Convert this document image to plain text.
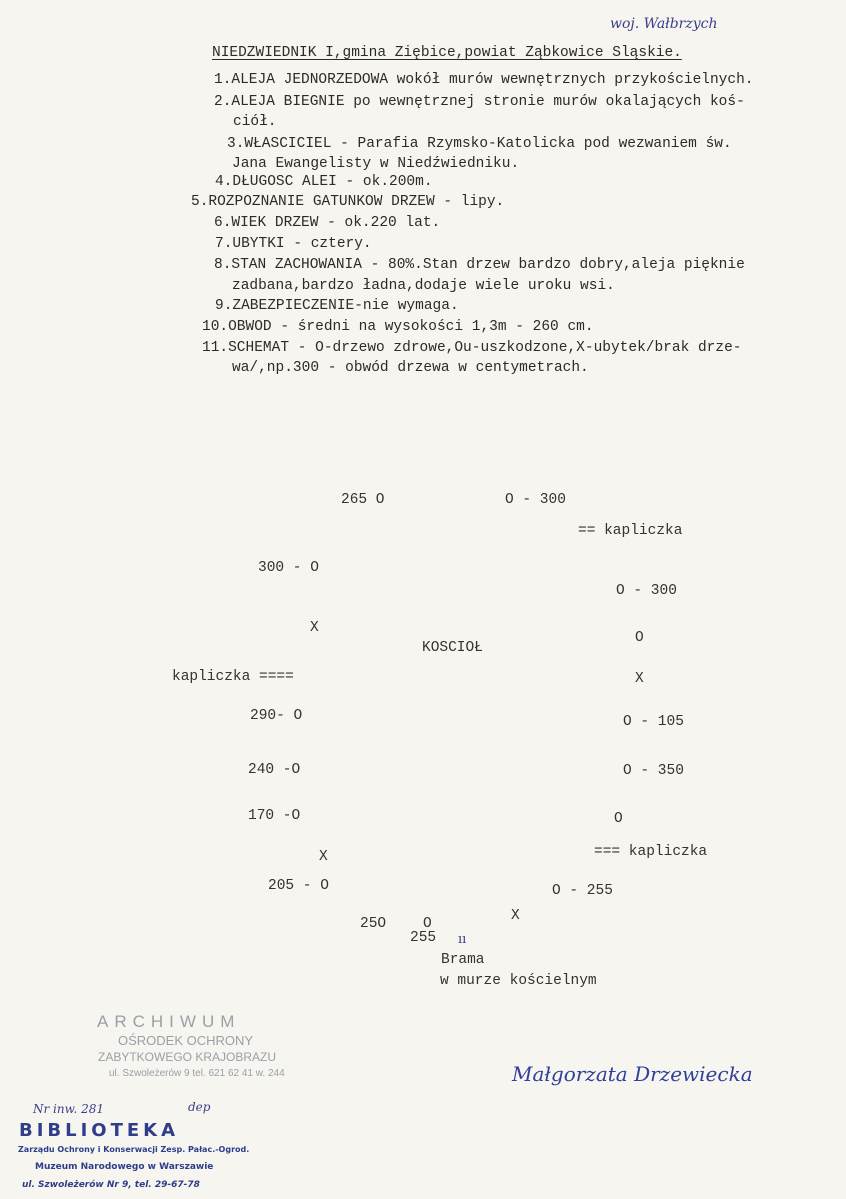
woj. Wałbrzych
NIEDZWIEDNIK I,gmina Ziębice,powiat Ząbkowice Sląskie.
1.ALEJA JEDNORZEDOWA wokół murów wewnętrznych przykościelnych.
2.ALEJA BIEGNIE po wewnętrznej stronie murów okalających koś-
ciół.
3.WŁASCICIEL - Parafia Rzymsko-Katolicka pod wezwaniem św.
Jana Ewangelisty w Niedźwiedniku.
4.DŁUGOSC ALEI - ok.200m.
5.ROZPOZNANIE GATUNKOW DRZEW - lipy.
6.WIEK DRZEW - ok.220 lat.
7.UBYTKI - cztery.
8.STAN ZACHOWANIA - 80%.Stan drzew bardzo dobry,aleja pięknie
zadbana,bardzo ładna,dodaje wiele uroku wsi.
9.ZABEZPIECZENIE-nie wymaga.
10.OBWOD - średni na wysokości 1,3m - 260 cm.
11.SCHEMAT - O-drzewo zdrowe,Ou-uszkodzone,X-ubytek/brak drze-
wa/,np.300 - obwód drzewa w centymetrach.
265 O	O - 300
== kapliczka
300 - O
O - 300
X
O
KOSCIOŁ
kapliczka ====	X
290- O	O - 105
240 -O	O - 350
170 -O	O
X	=== kapliczka
205 - O	O - 255
25O	O
255
X
ıı
Brama
w murze kościelnym
ARCHIWUM
OŚRODEK OCHRONY
ZABYTKOWEGO KRAJOBRAZU
ul. Szwoleżerów 9 tel. 621 62 41 w. 244	Małgorzata Drzewiecka
Nr inw. 281	dep
BIBLIOTEKA
Zarządu Ochrony i Konserwacji Zesp. Pałac.-Ogrod.
Muzeum Narodowego w Warszawie
ul. Szwoleżerów Nr 9, tel. 29-67-78
